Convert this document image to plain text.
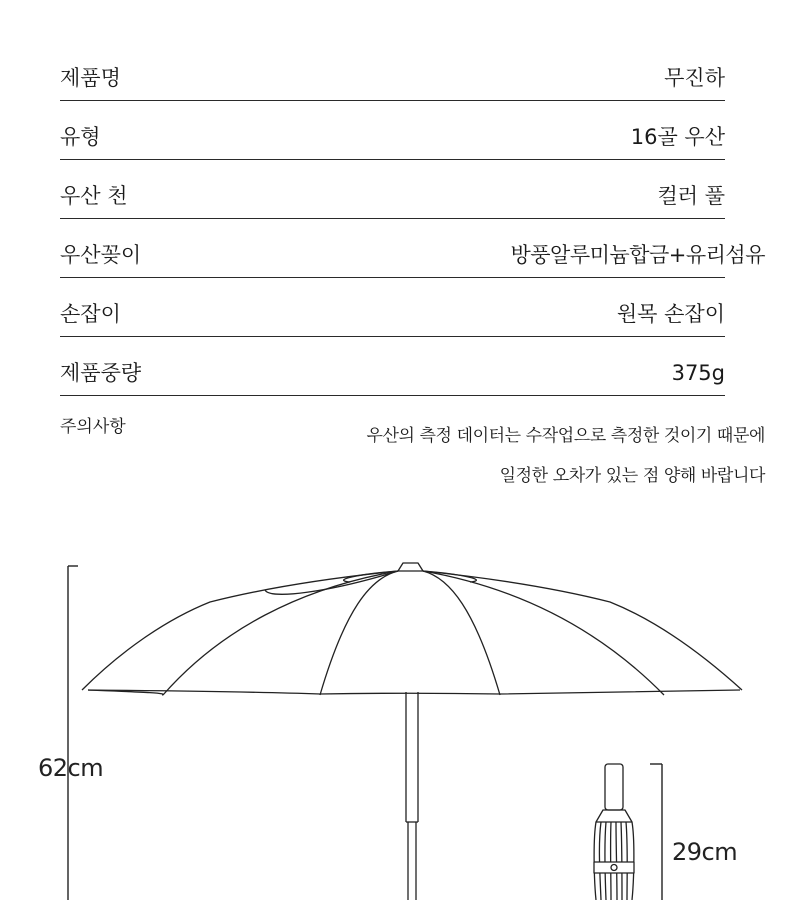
제품명	무진하
유형	16골 우산
우산 천	컬러 풀
우산꽂이	방풍알루미늄합금+유리섬유
손잡이	원목 손잡이
제품중량	375g
주의사항	우산의 측정 데이터는 수작업으로 측정한 것이기 때문에
일정한 오차가 있는 점 양해 바랍니다
62cm
29cm
